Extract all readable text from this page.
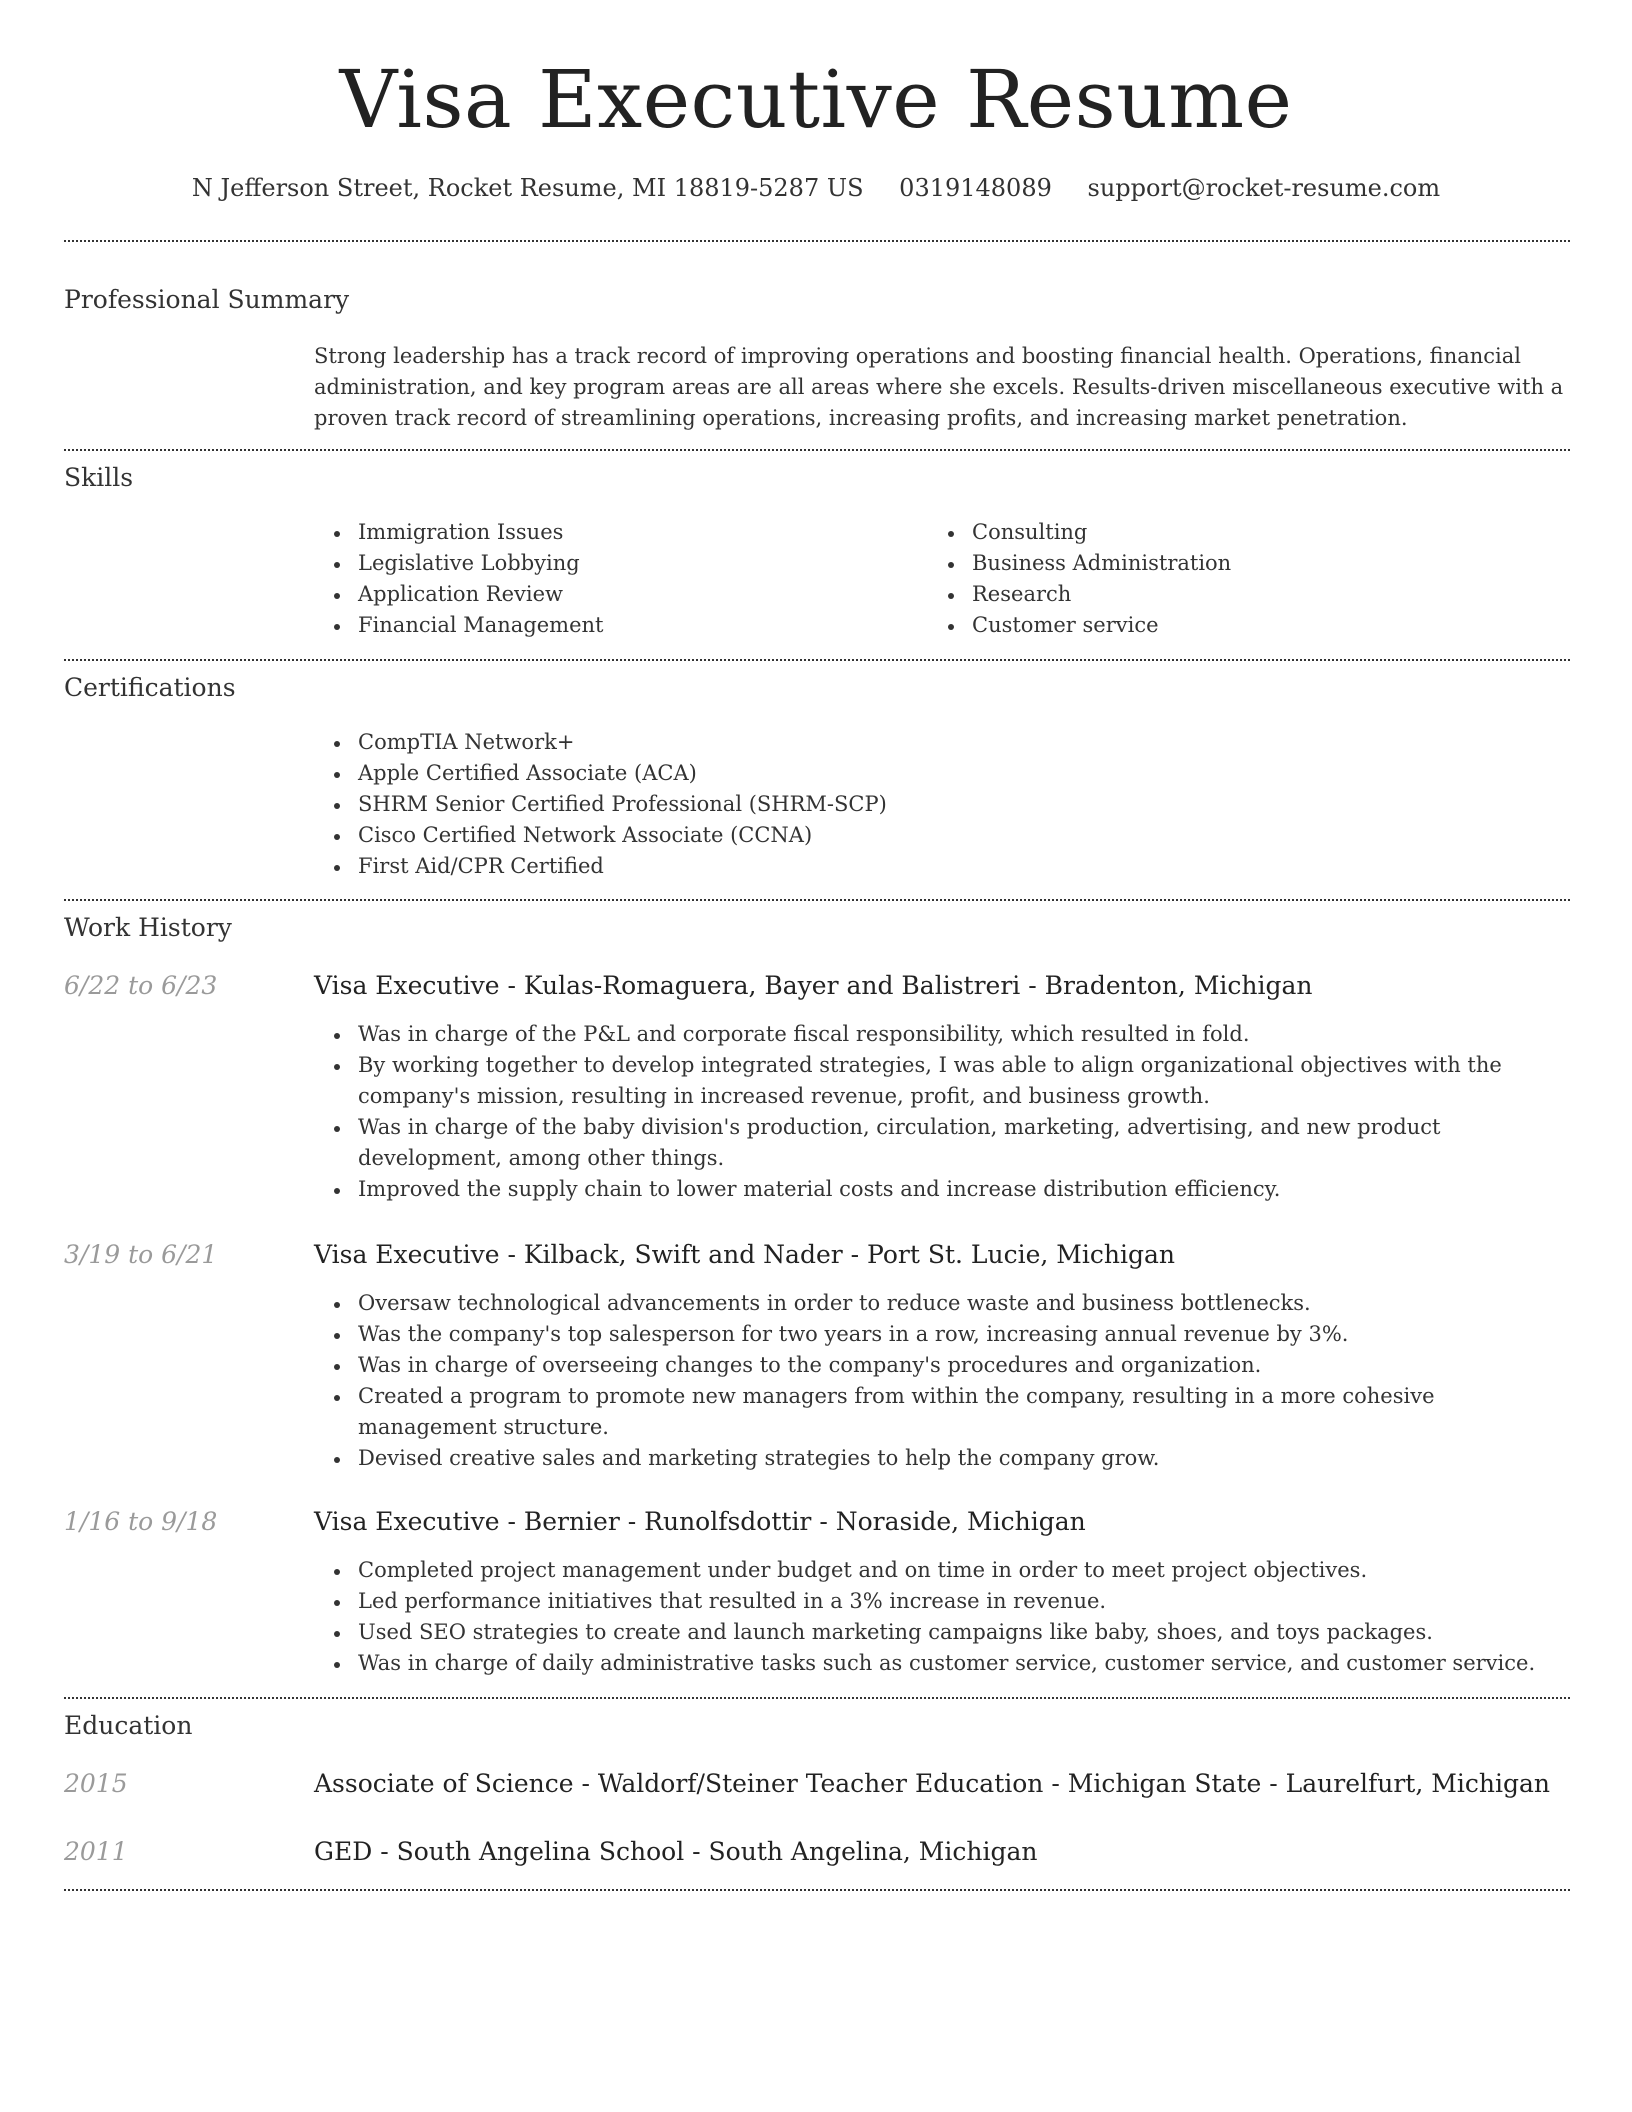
Visa Executive Resume
N Jefferson Street, Rocket Resume, MI 18819-5287 US 0319148089 support@rocket-resume.com
Professional Summary
Strong leadership has a track record of improving operations and boosting financial health. Operations, financial administration, and key program areas are all areas where she excels. Results-driven miscellaneous executive with a proven track record of streamlining operations, increasing profits, and increasing market penetration.
Skills
Immigration Issues
Legislative Lobbying
Application Review
Financial Management
Consulting
Business Administration
Research
Customer service
Certifications
CompTIA Network+
Apple Certified Associate (ACA)
SHRM Senior Certified Professional (SHRM-SCP)
Cisco Certified Network Associate (CCNA)
First Aid/CPR Certified
Work History
6/22 to 6/23	Visa Executive - Kulas-Romaguera, Bayer and Balistreri - Bradenton, Michigan
Was in charge of the P&L and corporate fiscal responsibility, which resulted in fold.
By working together to develop integrated strategies, I was able to align organizational objectives with the company's mission, resulting in increased revenue, profit, and business growth.
Was in charge of the baby division's production, circulation, marketing, advertising, and new product development, among other things.
Improved the supply chain to lower material costs and increase distribution efficiency.
3/19 to 6/21	Visa Executive - Kilback, Swift and Nader - Port St. Lucie, Michigan
Oversaw technological advancements in order to reduce waste and business bottlenecks.
Was the company's top salesperson for two years in a row, increasing annual revenue by 3%.
Was in charge of overseeing changes to the company's procedures and organization.
Created a program to promote new managers from within the company, resulting in a more cohesive management structure.
Devised creative sales and marketing strategies to help the company grow.
1/16 to 9/18	Visa Executive - Bernier - Runolfsdottir - Noraside, Michigan
Completed project management under budget and on time in order to meet project objectives.
Led performance initiatives that resulted in a 3% increase in revenue.
Used SEO strategies to create and launch marketing campaigns like baby, shoes, and toys packages.
Was in charge of daily administrative tasks such as customer service, customer service, and customer service.
Education
2015	Associate of Science - Waldorf/Steiner Teacher Education - Michigan State - Laurelfurt, Michigan
2011	GED - South Angelina School - South Angelina, Michigan
